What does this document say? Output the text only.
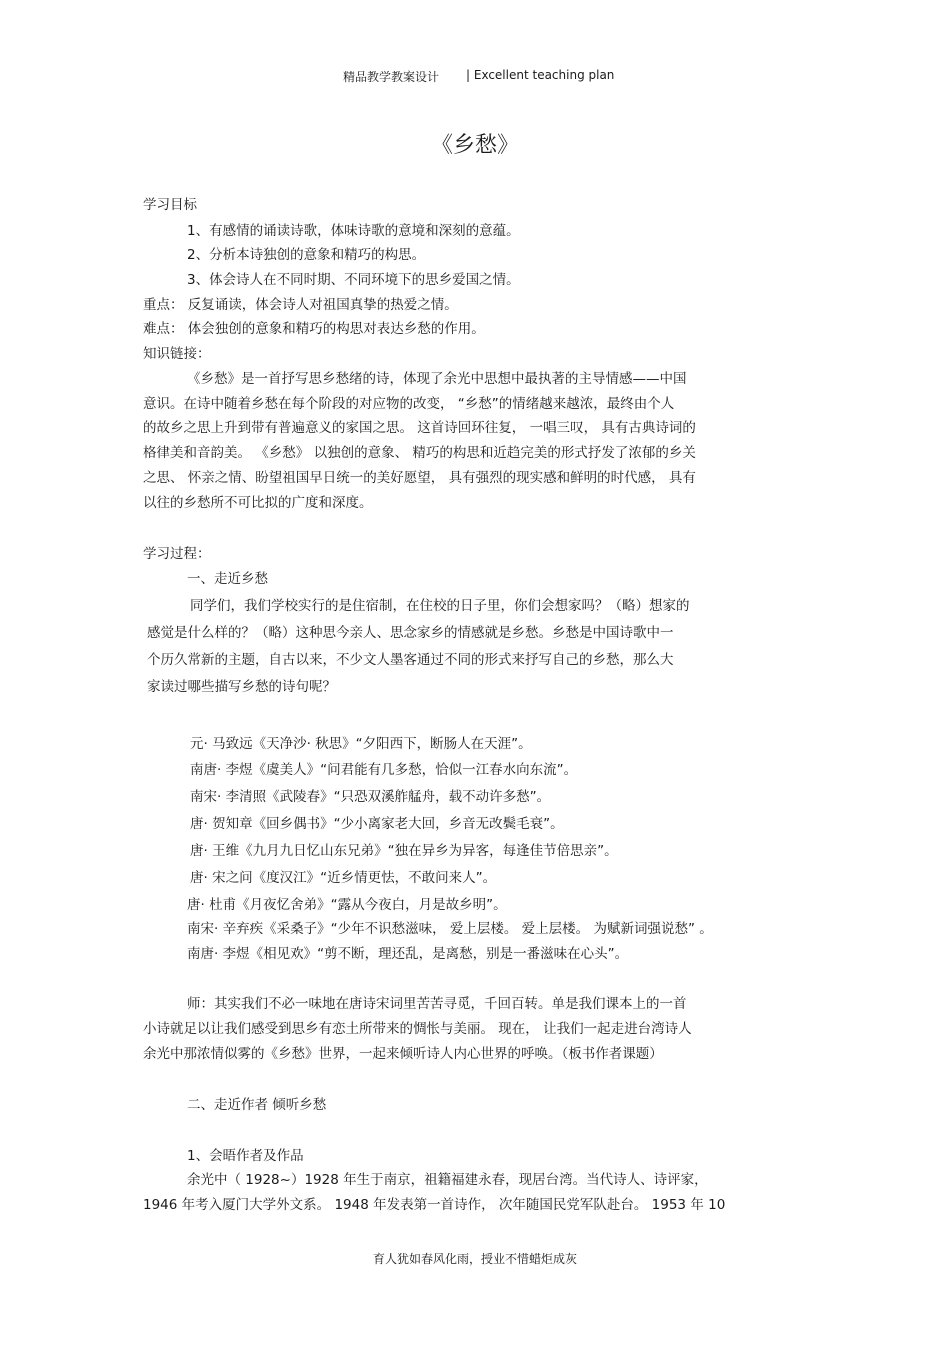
精品教学教案设计 | Excellent teaching plan
《乡愁》
学习目标
1、有感情的诵读诗歌，体味诗歌的意境和深刻的意蕴。
2、分析本诗独创的意象和精巧的构思。
3、体会诗人在不同时期、不同环境下的思乡爱国之情。
重点： 反复诵读，体会诗人对祖国真挚的热爱之情。
难点： 体会独创的意象和精巧的构思对表达乡愁的作用。
知识链接：
《乡愁》是一首抒写思乡愁绪的诗，体现了余光中思想中最执著的主导情感——中国
意识。在诗中随着乡愁在每个阶段的对应物的改变， “乡愁”的情绪越来越浓，最终由个人
的故乡之思上升到带有普遍意义的家国之思。 这首诗回环往复， 一唱三叹， 具有古典诗词的
格律美和音韵美。 《乡愁》 以独创的意象、 精巧的构思和近趋完美的形式抒发了浓郁的乡关
之思、 怀亲之情、盼望祖国早日统一的美好愿望， 具有强烈的现实感和鲜明的时代感， 具有
以往的乡愁所不可比拟的广度和深度。
学习过程：
一、走近乡愁
同学们，我们学校实行的是住宿制，在住校的日子里，你们会想家吗？（略）想家的
感觉是什么样的？（略）这种思今亲人、思念家乡的情感就是乡愁。乡愁是中国诗歌中一
个历久常新的主题，自古以来，不少文人墨客通过不同的形式来抒写自己的乡愁，那么大
家读过哪些描写乡愁的诗句呢？
元· 马致远《天净沙· 秋思》“夕阳西下，断肠人在天涯”。
南唐· 李煜《虞美人》“问君能有几多愁，恰似一江春水向东流”。
南宋· 李清照《武陵春》“只恐双溪舴艋舟，载不动许多愁”。
唐· 贺知章《回乡偶书》“少小离家老大回，乡音无改鬓毛衰”。
唐· 王维《九月九日忆山东兄弟》“独在异乡为异客，每逢佳节倍思亲”。
唐· 宋之问《度汉江》“近乡情更怯，不敢问来人”。
唐· 杜甫《月夜忆舍弟》“露从今夜白，月是故乡明”。
南宋· 辛弃疾《采桑子》“少年不识愁滋味， 爱上层楼。 爱上层楼。 为赋新词强说愁” 。
南唐· 李煜《相见欢》“剪不断，理还乱，是离愁，别是一番滋味在心头”。
师：其实我们不必一味地在唐诗宋词里苦苦寻觅，千回百转。单是我们课本上的一首
小诗就足以让我们感受到思乡有恋土所带来的惆怅与美丽。 现在， 让我们一起走进台湾诗人
余光中那浓情似雾的《乡愁》世界，一起来倾听诗人内心世界的呼唤。（板书作者课题）
二、走近作者 倾听乡愁
1、会晤作者及作品
余光中（ 1928~）1928 年生于南京，祖籍福建永春，现居台湾。当代诗人、诗评家，
1946 年考入厦门大学外文系。 1948 年发表第一首诗作， 次年随国民党军队赴台。 1953 年 10
育人犹如春风化雨，授业不惜蜡炬成灰
